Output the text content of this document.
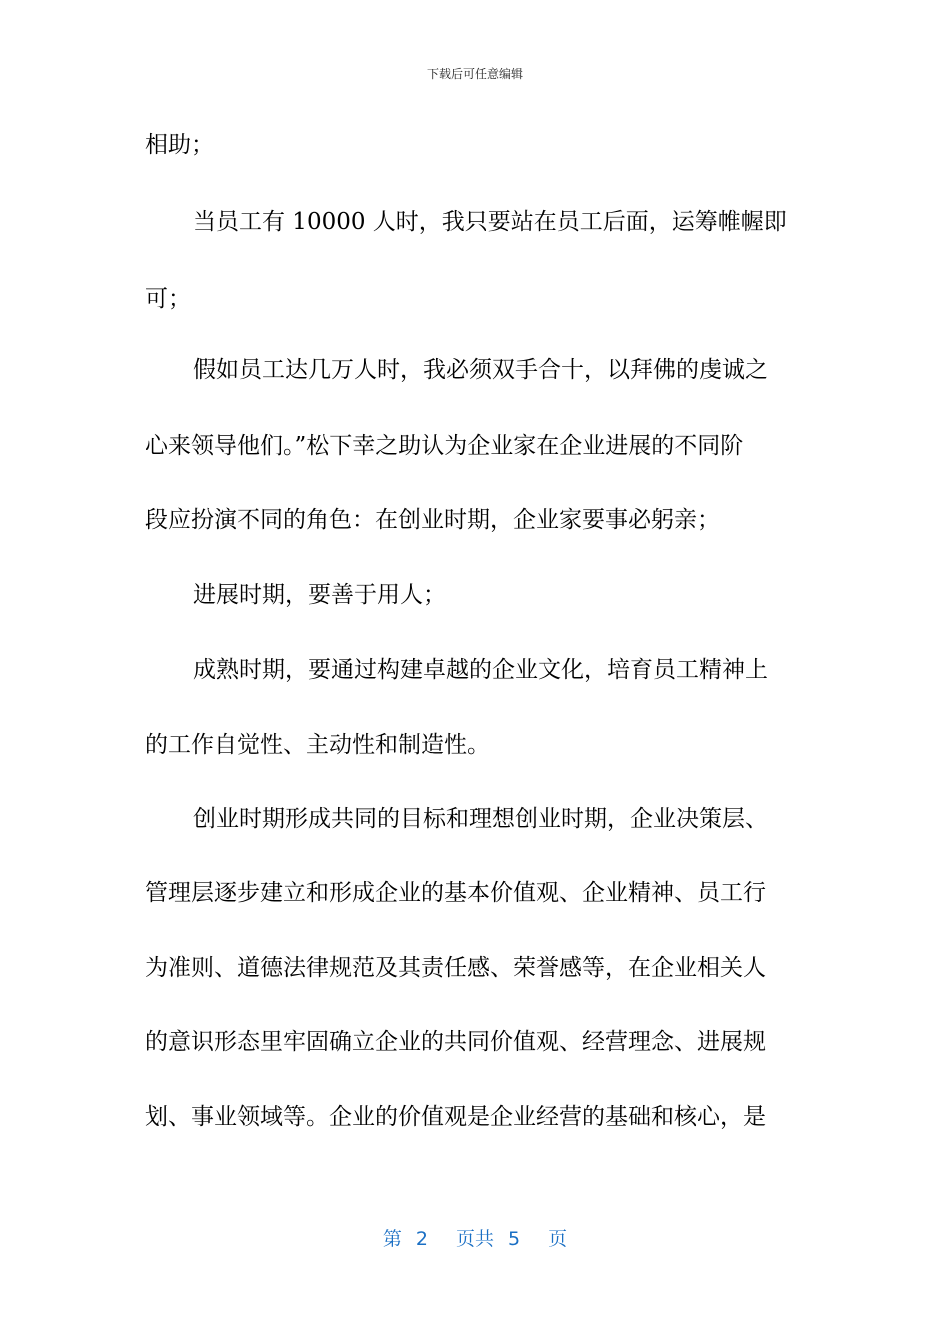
下载后可任意编辑
相助；
当员工有 10000 人时，我只要站在员工后面，运筹帷幄即
可；
假如员工达几万人时，我必须双手合十，以拜佛的虔诚之
心来领导他们。”松下幸之助认为企业家在企业进展的不同阶
段应扮演不同的角色：在创业时期，企业家要事必躬亲；
进展时期，要善于用人；
成熟时期，要通过构建卓越的企业文化，培育员工精神上
的工作自觉性、主动性和制造性。
创业时期形成共同的目标和理想创业时期，企业决策层、
管理层逐步建立和形成企业的基本价值观、企业精神、员工行
为准则、道德法律规范及其责任感、荣誉感等，在企业相关人
的意识形态里牢固确立企业的共同价值观、经营理念、进展规
划、事业领域等。企业的价值观是企业经营的基础和核心，是
第 2 页共 5 页
